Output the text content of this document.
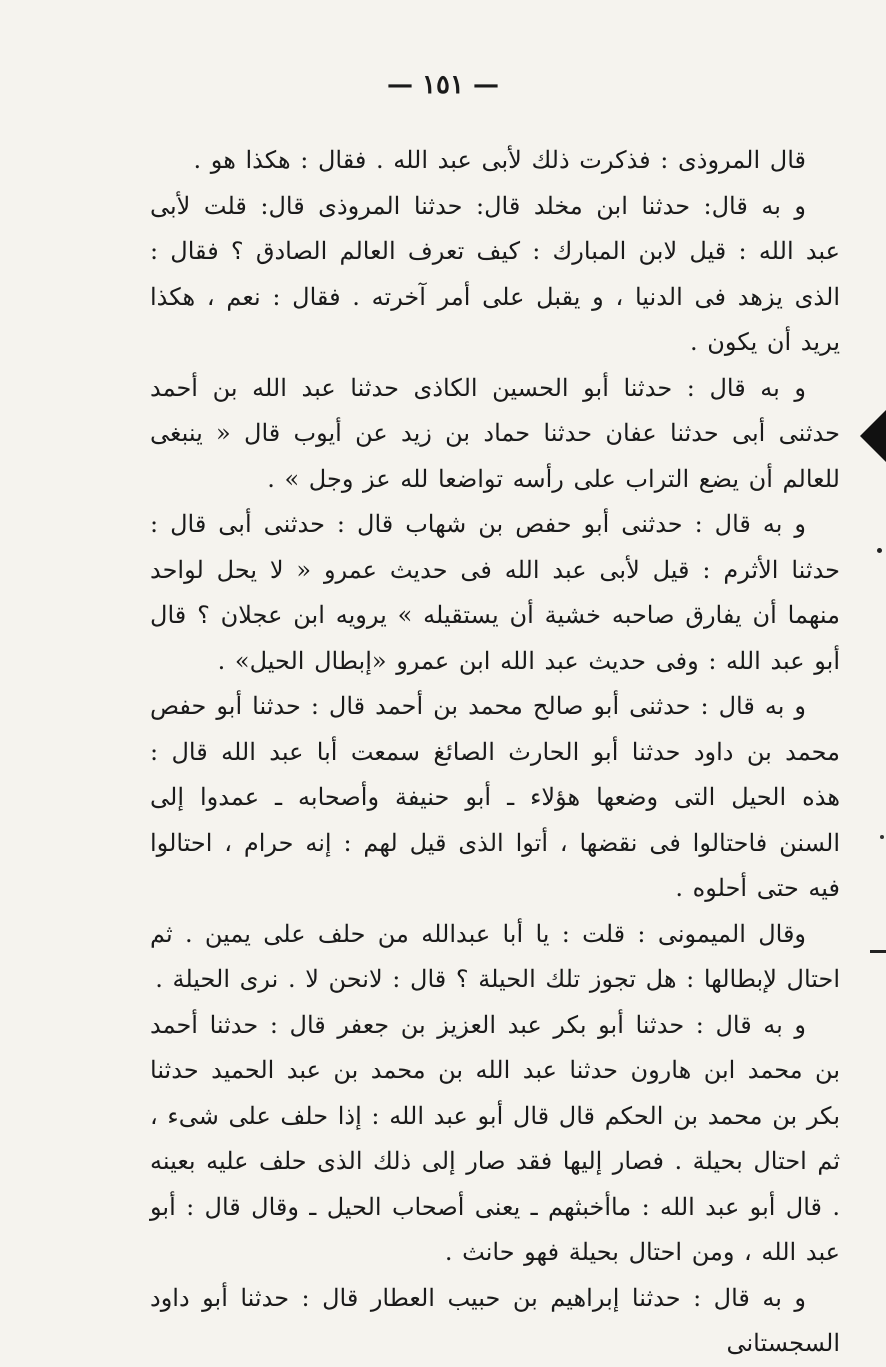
— ١٥١ —

قال المروذى : فذكرت ذلك لأبى عبد الله . فقال : هكذا هو .

و به قال: حدثنا ابن مخلد قال: حدثنا المروذى قال: قلت لأبى عبد الله : قيل لابن المبارك : كيف تعرف العالم الصادق ؟ فقال : الذى يزهد فى الدنيا ، و يقبل على أمر آخرته . فقال : نعم ، هكذا يريد أن يكون .

و به قال : حدثنا أبو الحسين الكاذى حدثنا عبد الله بن أحمد حدثنى أبى حدثنا عفان حدثنا حماد بن زيد عن أيوب قال « ينبغى للعالم أن يضع التراب على رأسه تواضعا لله عز وجل » .

و به قال : حدثنى أبو حفص بن شهاب قال : حدثنى أبى قال : حدثنا الأثرم : قيل لأبى عبد الله فى حديث عمرو « لا يحل لواحد منهما أن يفارق صاحبه خشية أن يستقيله » يرويه ابن عجلان ؟ قال أبو عبد الله : وفى حديث عبد الله ابن عمرو «إبطال الحيل» .

و به قال : حدثنى أبو صالح محمد بن أحمد قال : حدثنا أبو حفص محمد بن داود حدثنا أبو الحارث الصائغ سمعت أبا عبد الله قال : هذه الحيل التى وضعها هؤلاء ـ أبو حنيفة وأصحابه ـ عمدوا إلى السنن فاحتالوا فى نقضها ، أتوا الذى قيل لهم : إنه حرام ، احتالوا فيه حتى أحلوه .

وقال الميمونى : قلت : يا أبا عبدالله من حلف على يمين . ثم احتال لإبطالها : هل تجوز تلك الحيلة ؟ قال : لانحن لا . نرى الحيلة .

و به قال : حدثنا أبو بكر عبد العزيز بن جعفر قال : حدثنا أحمد بن محمد ابن هارون حدثنا عبد الله بن محمد بن عبد الحميد حدثنا بكر بن محمد بن الحكم قال قال أبو عبد الله : إذا حلف على شىء ، ثم احتال بحيلة . فصار إليها فقد صار إلى ذلك الذى حلف عليه بعينه . قال أبو عبد الله : ماأخبثهم ـ يعنى أصحاب الحيل ـ وقال قال : أبو عبد الله ، ومن احتال بحيلة فهو حانث .

و به قال : حدثنا إبراهيم بن حبيب العطار قال : حدثنا أبو داود السجستانى
